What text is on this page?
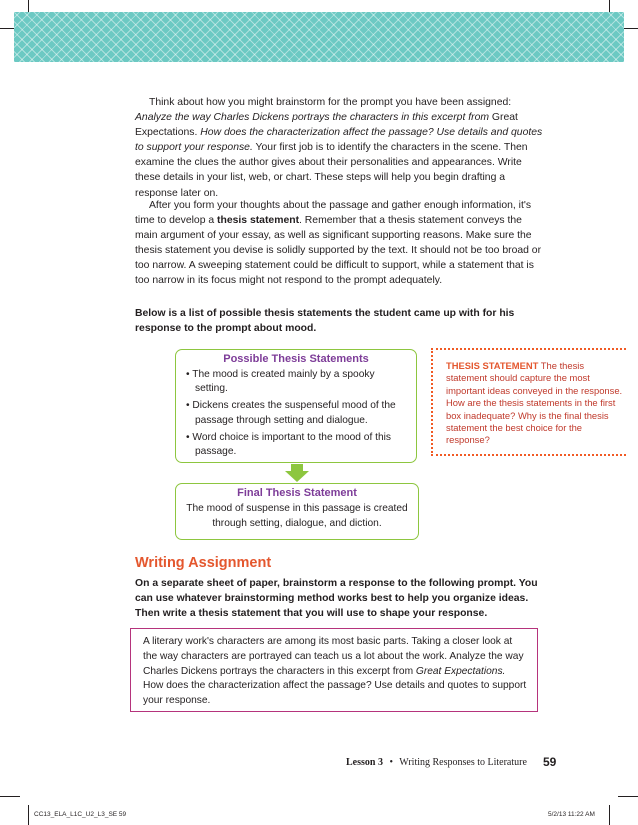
Think about how you might brainstorm for the prompt you have been assigned: Analyze the way Charles Dickens portrays the characters in this excerpt from Great Expectations. How does the characterization affect the passage? Use details and quotes to support your response. Your first job is to identify the characters in the scene. Then examine the clues the author gives about their personalities and appearances. Write these details in your list, web, or chart. These steps will help you begin drafting a response later on.

After you form your thoughts about the passage and gather enough information, it's time to develop a thesis statement. Remember that a thesis statement conveys the main argument of your essay, as well as significant supporting reasons. Make sure the thesis statement you devise is solidly supported by the text. It should not be too broad or too narrow. A sweeping statement could be difficult to support, while a statement that is too narrow in its focus might not respond to the prompt adequately.

Below is a list of possible thesis statements the student came up with for his response to the prompt about mood.

Possible Thesis Statements
• The mood is created mainly by a spooky setting.
• Dickens creates the suspenseful mood of the passage through setting and dialogue.
• Word choice is important to the mood of this passage.
Final Thesis Statement

The mood of suspense in this passage is created through setting, dialogue, and diction.

THESIS STATEMENT The thesis statement should capture the most important ideas conveyed in the response. How are the thesis statements in the first box inadequate? Why is the final thesis statement the best choice for the response?
Writing Assignment

On a separate sheet of paper, brainstorm a response to the following prompt. You can use whatever brainstorming method works best to help you organize ideas. Then write a thesis statement that you will use to shape your response.

A literary work's characters are among its most basic parts. Taking a closer look at the way characters are portrayed can teach us a lot about the work. Analyze the way Charles Dickens portrays the characters in this excerpt from Great Expectations. How does the characterization affect the passage? Use details and quotes to support your response.

Lesson 3 • Writing Responses to Literature 59
CC13_ELA_L1C_U2_L3_SE 59	5/2/13 11:22 AM
